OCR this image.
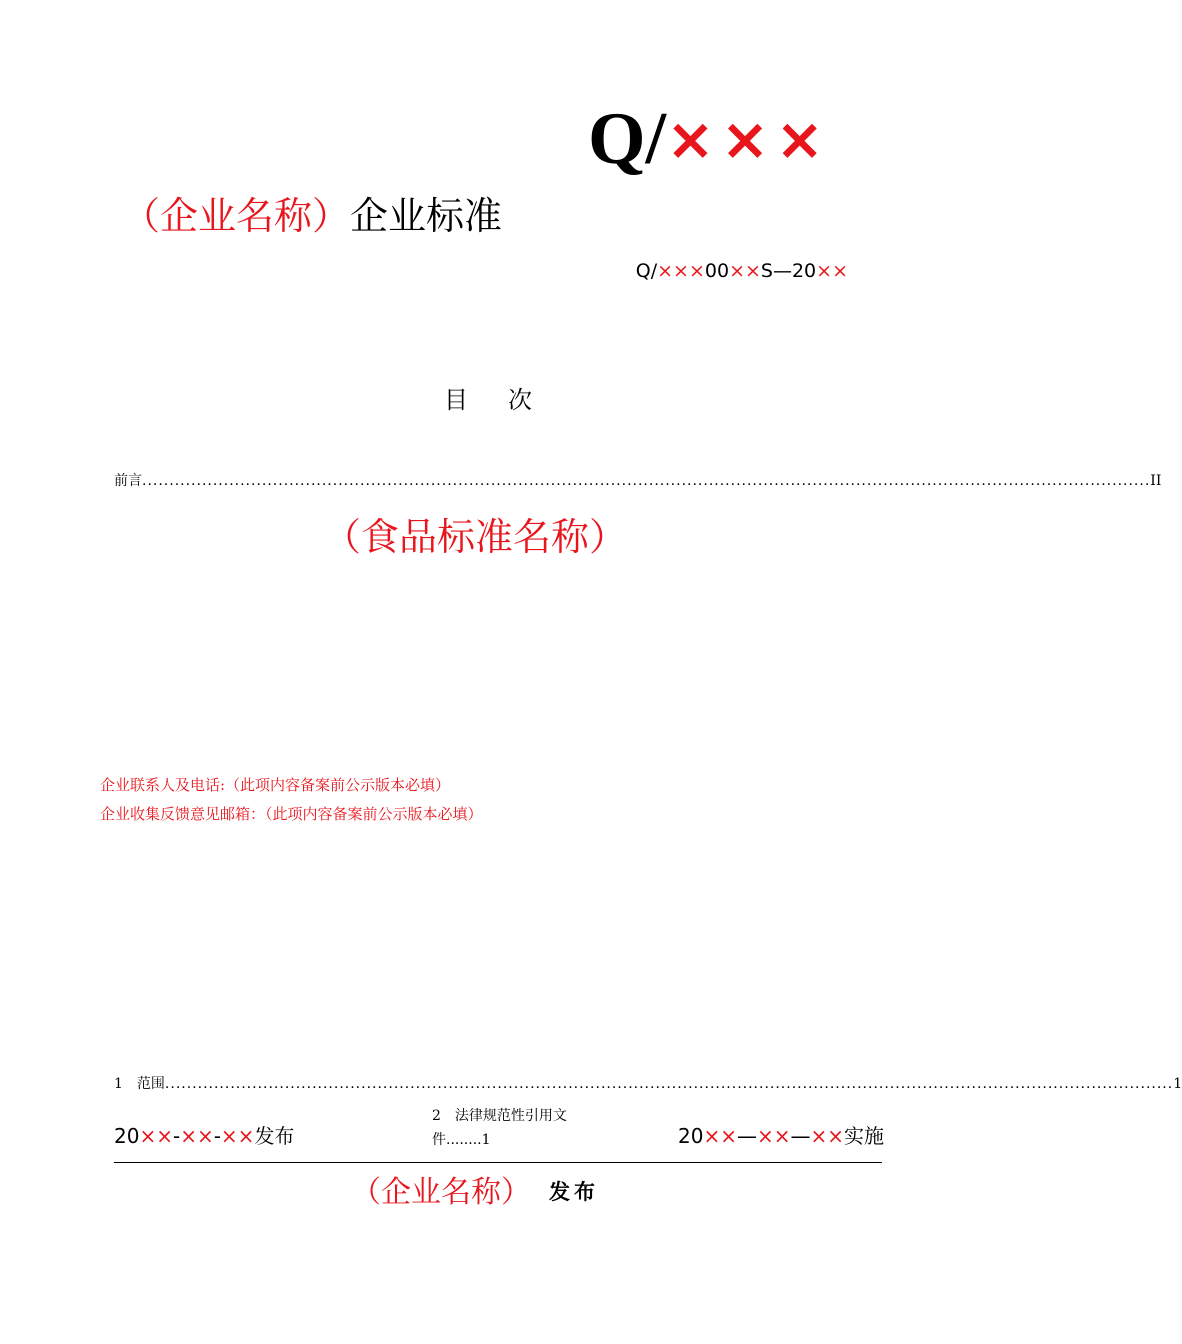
Q/×××
（企业名称）企业标准
Q/×××00××S—20××
目 次
前言 ......................................................................................................................................................................................... II
（食品标准名称）
企业联系人及电话:（此项内容备案前公示版本必填）
企业收集反馈意见邮箱：（此项内容备案前公示版本必填）
1　范围 ......................................................................................................................................................................................... 1
20××-××-××发布
2　法律规范性引用文件........1	20××—××—××实施
（企业名称） 发布
